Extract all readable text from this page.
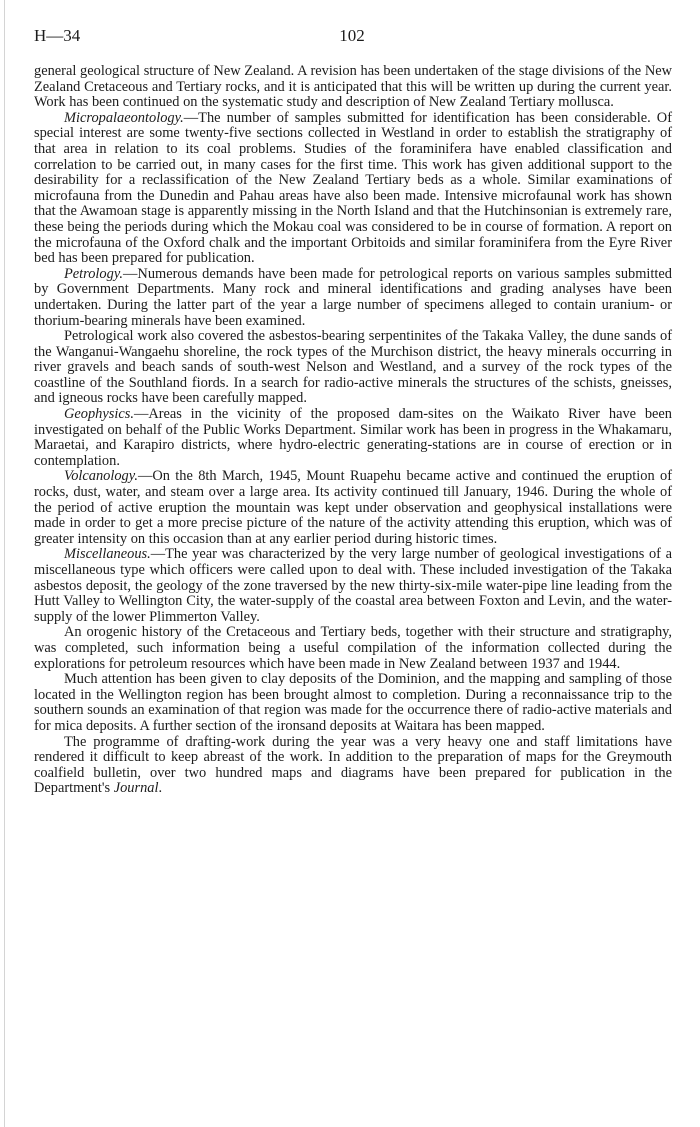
H—34	102

general geological structure of New Zealand. A revision has been undertaken of the stage divisions of the New Zealand Cretaceous and Tertiary rocks, and it is anticipated that this will be written up during the current year. Work has been continued on the systematic study and description of New Zealand Tertiary mollusca.

Micropalaeontology.—The number of samples submitted for identification has been considerable. Of special interest are some twenty-five sections collected in Westland in order to establish the stratigraphy of that area in relation to its coal problems. Studies of the foraminifera have enabled classification and correlation to be carried out, in many cases for the first time. This work has given additional support to the desirability for a reclassification of the New Zealand Tertiary beds as a whole. Similar examinations of microfauna from the Dunedin and Pahau areas have also been made. Intensive microfaunal work has shown that the Awamoan stage is apparently missing in the North Island and that the Hutchinsonian is extremely rare, these being the periods during which the Mokau coal was considered to be in course of formation. A report on the microfauna of the Oxford chalk and the important Orbitoids and similar foraminifera from the Eyre River bed has been prepared for publication.

Petrology.—Numerous demands have been made for petrological reports on various samples submitted by Government Departments. Many rock and mineral identifications and grading analyses have been undertaken. During the latter part of the year a large number of specimens alleged to contain uranium- or thorium-bearing minerals have been examined.

Petrological work also covered the asbestos-bearing serpentinites of the Takaka Valley, the dune sands of the Wanganui-Wangaehu shoreline, the rock types of the Murchison district, the heavy minerals occurring in river gravels and beach sands of south-west Nelson and Westland, and a survey of the rock types of the coastline of the Southland fiords. In a search for radio-active minerals the structures of the schists, gneisses, and igneous rocks have been carefully mapped.

Geophysics.—Areas in the vicinity of the proposed dam-sites on the Waikato River have been investigated on behalf of the Public Works Department. Similar work has been in progress in the Whakamaru, Maraetai, and Karapiro districts, where hydro-electric generating-stations are in course of erection or in contemplation.

Volcanology.—On the 8th March, 1945, Mount Ruapehu became active and continued the eruption of rocks, dust, water, and steam over a large area. Its activity continued till January, 1946. During the whole of the period of active eruption the mountain was kept under observation and geophysical installations were made in order to get a more precise picture of the nature of the activity attending this eruption, which was of greater intensity on this occasion than at any earlier period during historic times.

Miscellaneous.—The year was characterized by the very large number of geological investigations of a miscellaneous type which officers were called upon to deal with. These included investigation of the Takaka asbestos deposit, the geology of the zone traversed by the new thirty-six-mile water-pipe line leading from the Hutt Valley to Wellington City, the water-supply of the coastal area between Foxton and Levin, and the water-supply of the lower Plimmerton Valley.

An orogenic history of the Cretaceous and Tertiary beds, together with their structure and stratigraphy, was completed, such information being a useful compilation of the information collected during the explorations for petroleum resources which have been made in New Zealand between 1937 and 1944.

Much attention has been given to clay deposits of the Dominion, and the mapping and sampling of those located in the Wellington region has been brought almost to completion. During a reconnaissance trip to the southern sounds an examination of that region was made for the occurrence there of radio-active materials and for mica deposits. A further section of the ironsand deposits at Waitara has been mapped.

The programme of drafting-work during the year was a very heavy one and staff limitations have rendered it difficult to keep abreast of the work. In addition to the preparation of maps for the Greymouth coalfield bulletin, over two hundred maps and diagrams have been prepared for publication in the Department's Journal.
